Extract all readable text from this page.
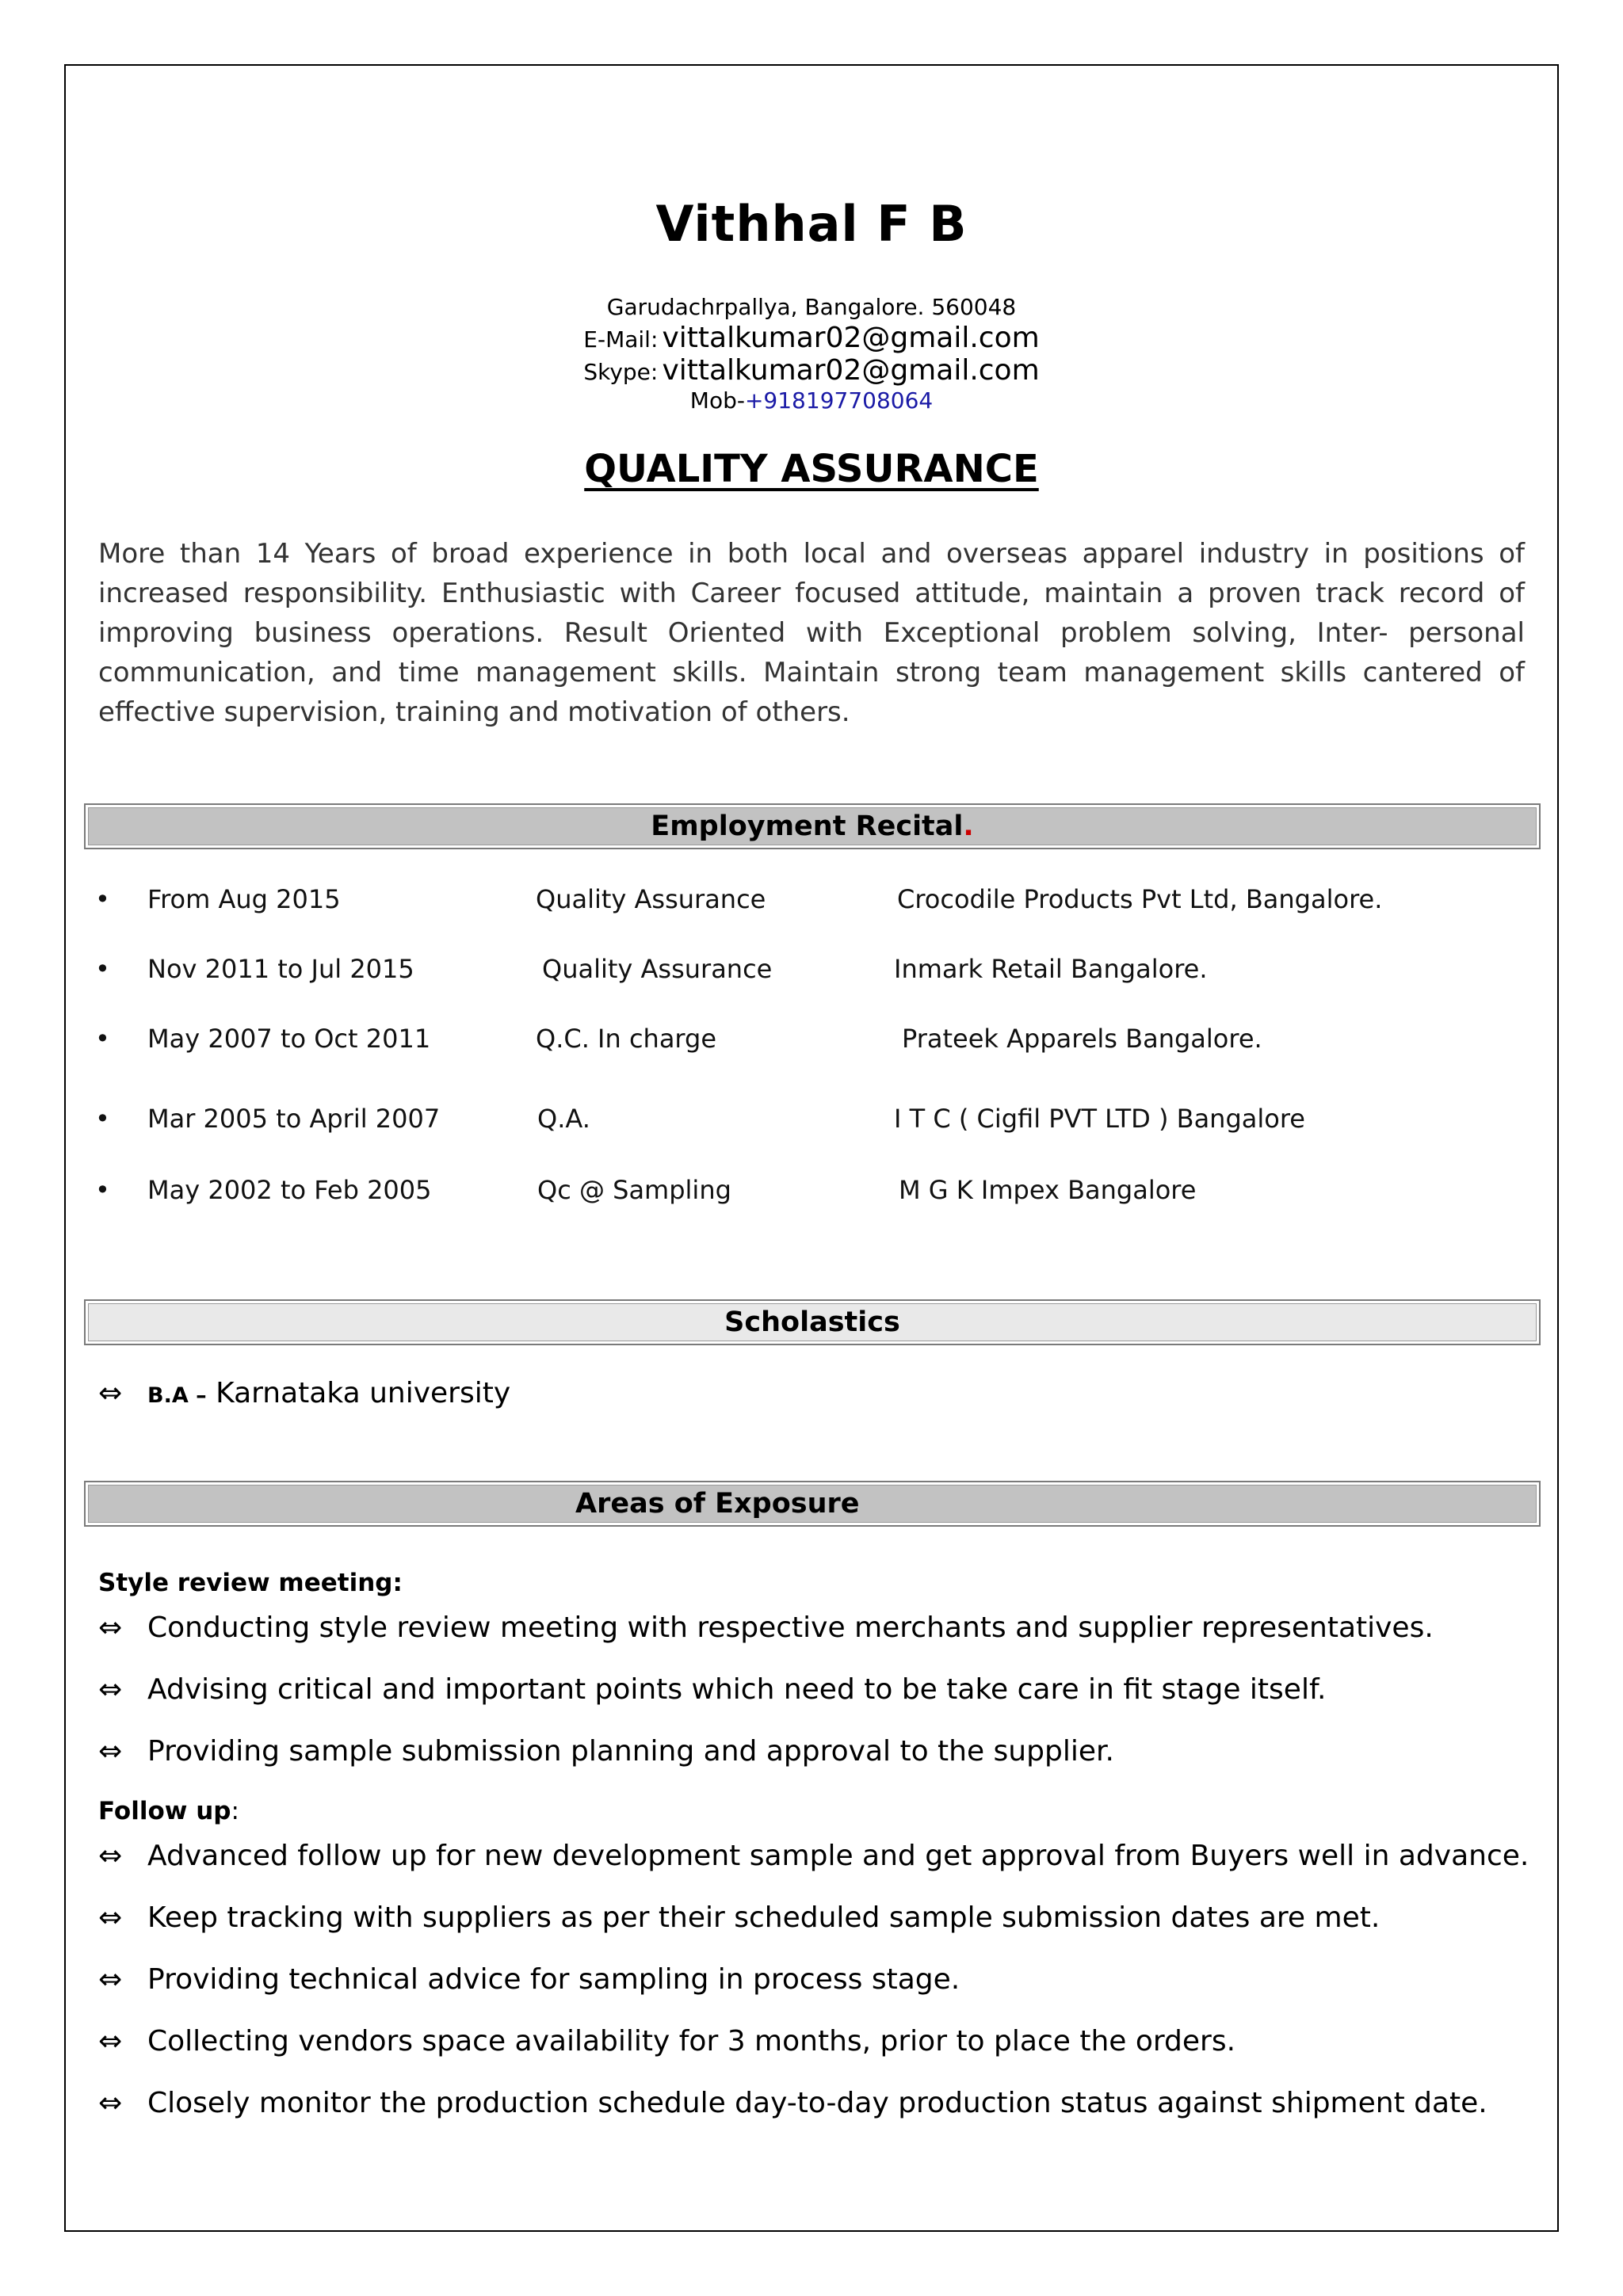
Vithhal F B
Garudachrpallya, Bangalore. 560048
E-Mail: vittalkumar02@gmail.com
Skype: vittalkumar02@gmail.com
Mob-+918197708064
QUALITY ASSURANCE
More than 14 Years of broad experience in both local and overseas apparel industry in positions of increased responsibility. Enthusiastic with Career focused attitude, maintain a proven track record of improving business operations. Result Oriented with Exceptional problem solving, Inter- personal communication, and time management skills. Maintain strong team management skills cantered of effective supervision, training and motivation of others.
Employment Recital.
• From Aug 2015	Quality Assurance	Crocodile Products Pvt Ltd, Bangalore.
• Nov 2011 to Jul 2015	Quality Assurance	Inmark Retail Bangalore.
• May 2007 to Oct 2011	Q.C. In charge	Prateek Apparels Bangalore.
• Mar 2005 to April 2007	Q.A.	I T C ( Cigfil PVT LTD ) Bangalore
• May 2002 to Feb 2005	Qc @ Sampling	M G K Impex Bangalore
Scholastics
⇔ B.A – Karnataka university
Areas of Exposure
Style review meeting:
⇔ Conducting style review meeting with respective merchants and supplier representatives.
⇔ Advising critical and important points which need to be take care in fit stage itself.
⇔ Providing sample submission planning and approval to the supplier.
Follow up:
⇔ Advanced follow up for new development sample and get approval from Buyers well in advance.
⇔ Keep tracking with suppliers as per their scheduled sample submission dates are met.
⇔ Providing technical advice for sampling in process stage.
⇔ Collecting vendors space availability for 3 months, prior to place the orders.
⇔ Closely monitor the production schedule day-to-day production status against shipment date.
